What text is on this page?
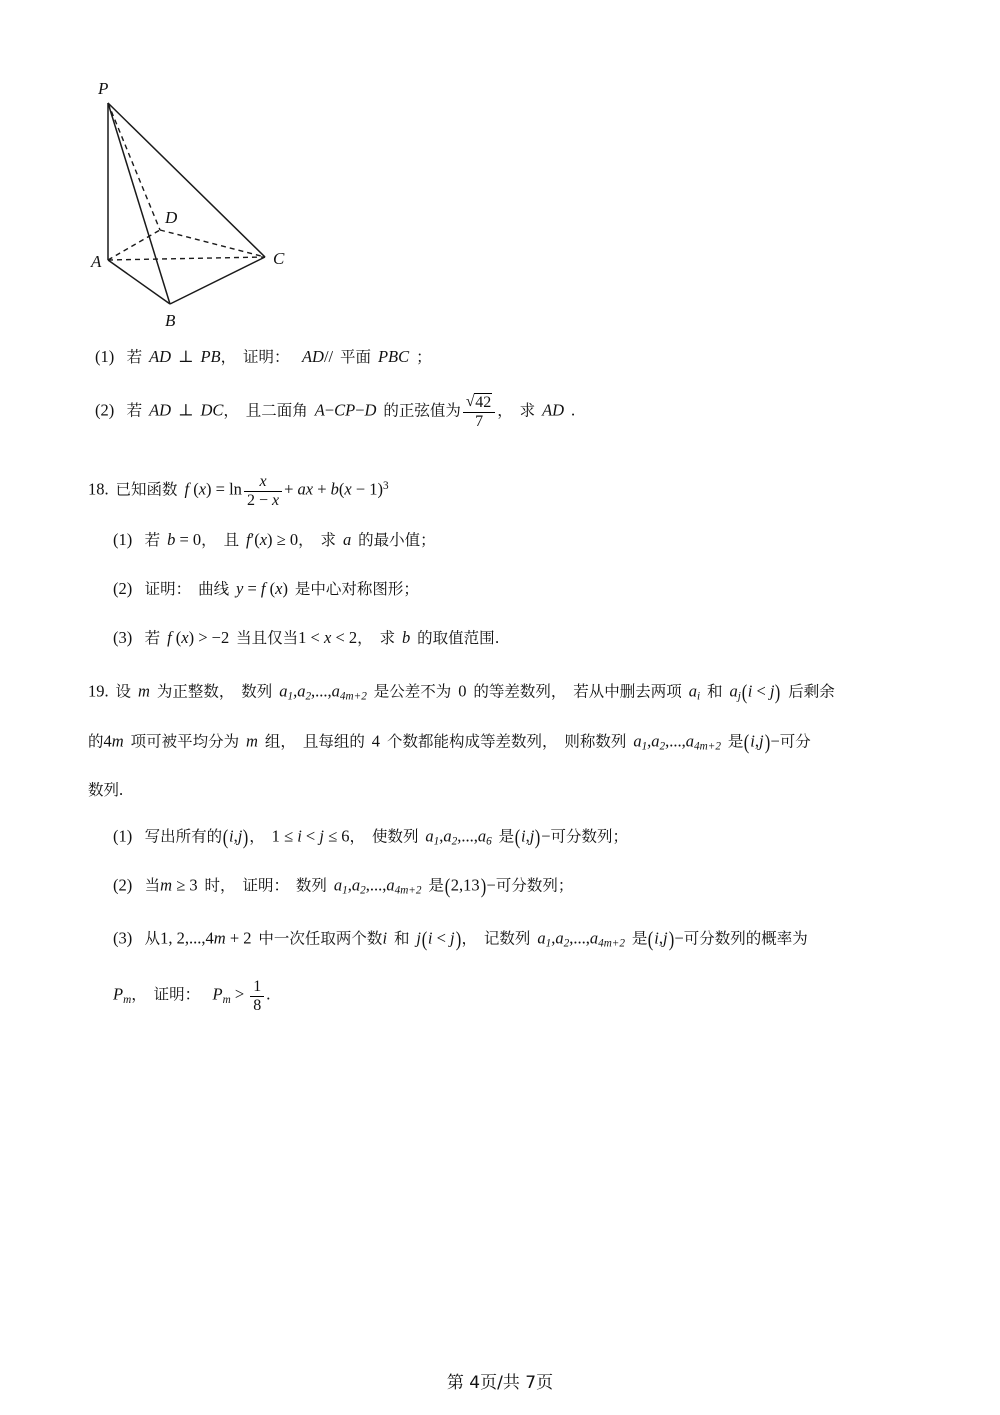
P
D
A	C
B
(1) 若 AD ⊥ PB， 证明： AD// 平面 PBC ；
(2) 若 AD ⊥ DC， 且二面角 A−CP−D 的正弦值为 √ $\frac{42}{7}$ ， 求 AD .
18. 已知函数 f $(x) = \ln \frac{x}{2 - x}$ + ax + $b(x - 1)^3$
(1) 若 b = 0， 且 f′(x) ≥ 0， 求 a 的最小值；
(2) 证明： 曲线 y = f (x) 是中心对称图形；
(3) 若 f (x) > −2 当且仅当1 < x < 2， 求 b 的取值范围.
19. 设 m 为正整数， 数列 $a_1,a_2,...,a_{4m+2}$ 是公差不为 0 的等差数列， 若从中删去两项 $a_i$ 和 $a_j(i < j)$ 后剩余
的4m 项可被平均分为 m 组， 且每组的 4 个数都能构成等差数列， 则称数列 $a_1,a_2,...,a_{4m+2}$ 是(i,j)−可分
数列.
(1) 写出所有的(i,j)， 1 ≤ i < j ≤ 6， 使数列 $a_1,a_2,...,a_6$ 是(i,j)−可分数列；
(2) 当m ≥ 3 时， 证明： 数列 $a_1,a_2,...,a_{4m+2}$ 是(2,13)−可分数列；
(3) 从1, 2,...,4m + 2 中一次任取两个数i 和 j(i < j)， 记数列 $a_1,a_2,...,a_{4m+2}$ 是(i,j)−可分数列的概率为
$P_m$， 证明： $P_m > \frac{1}{8}$ .
第 4页/共 7页
